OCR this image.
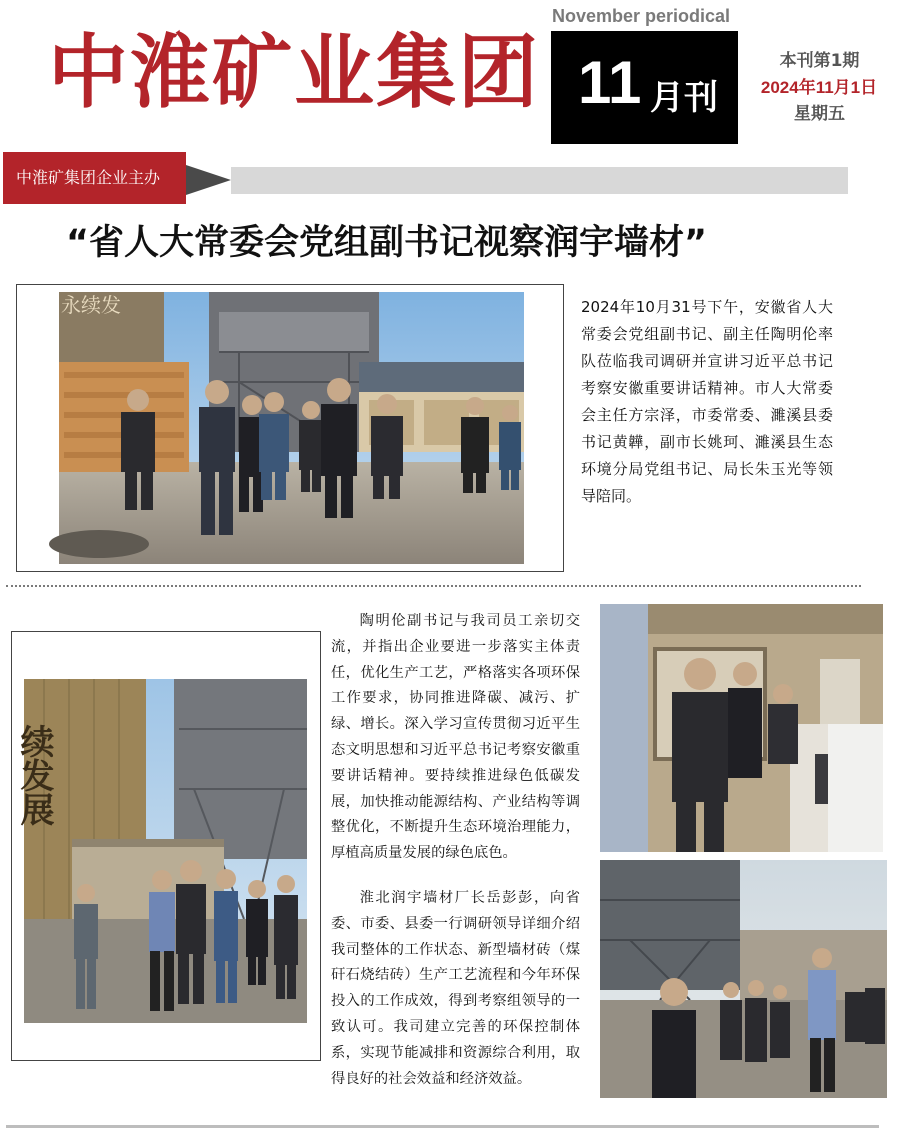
中淮矿业集团
November periodical
11 月刊
本刊第1期
2024年11月1日
星期五
中淮矿集团企业主办
“省人大常委会党组副书记视察润宇墙材”
永续发	2024年10月31号下午，安徽省人大常委会党组副书记、副主任陶明伦率队莅临我司调研并宣讲习近平总书记考察安徽重要讲话精神。市人大常委会主任方宗泽，市委常委、濉溪县委书记黄韡，副市长姚珂、濉溪县生态环境分局党组书记、局长朱玉光等领导陪同。
续发展
陶明伦副书记与我司员工亲切交流，并指出企业要进一步落实主体责任，优化生产工艺，严格落实各项环保工作要求，协同推进降碳、减污、扩绿、增长。深入学习宣传贯彻习近平生态文明思想和习近平总书记考察安徽重要讲话精神。要持续推进绿色低碳发展，加快推动能源结构、产业结构等调整优化，不断提升生态环境治理能力，厚植高质量发展的绿色底色。
淮北润宇墙材厂长岳彭彭，向省委、市委、县委一行调研领导详细介绍我司整体的工作状态、新型墙材砖（煤矸石烧结砖）生产工艺流程和今年环保投入的工作成效，得到考察组领导的一致认可。我司建立完善的环保控制体系，实现节能减排和资源综合利用，取得良好的社会效益和经济效益。
